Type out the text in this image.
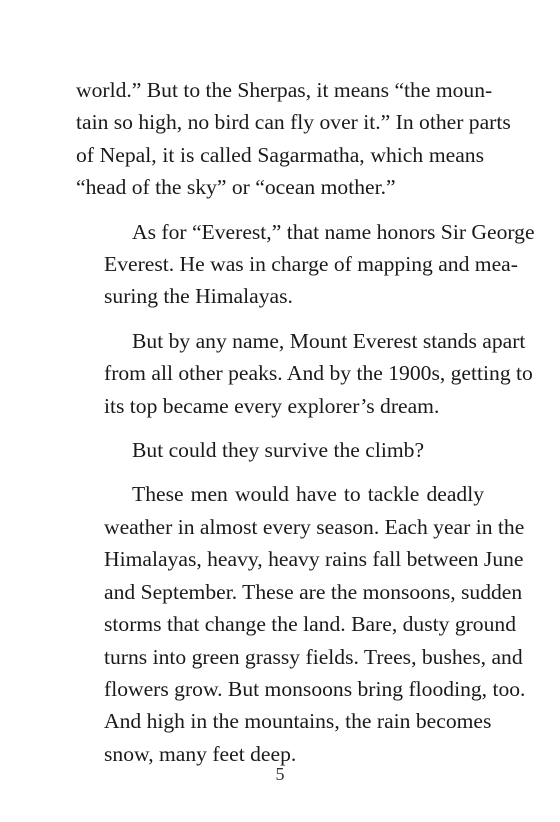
world.” But to the Sherpas, it means “the moun-
tain so high, no bird can fly over it.” In other parts
of Nepal, it is called Sagarmatha, which means
“head of the sky” or “ocean mother.”

As for “Everest,” that name honors Sir George
Everest. He was in charge of mapping and mea-
suring the Himalayas.

But by any name, Mount Everest stands apart
from all other peaks. And by the 1900s, getting to
its top became every explorer’s dream.

But could they survive the climb?

These men would have to tackle deadly
weather in almost every season. Each year in the
Himalayas, heavy, heavy rains fall between June
and September. These are the monsoons, sudden
storms that change the land. Bare, dusty ground
turns into green grassy fields. Trees, bushes, and
flowers grow. But monsoons bring flooding, too.
And high in the mountains, the rain becomes
snow, many feet deep.

5
